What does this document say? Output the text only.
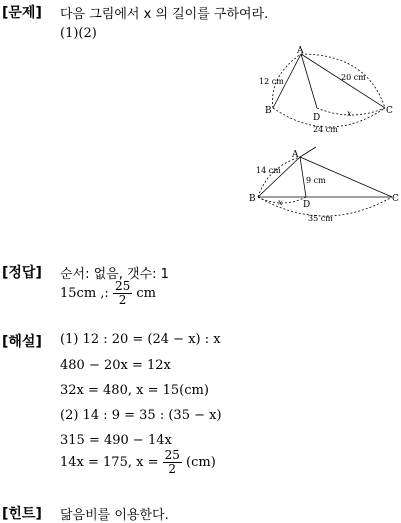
[문제] 다음 그림에서 x 의 길이를 구하여라.
(1)(2)
A
B	C
D
12 cm	20 cm
24 cm
x
A
B	C
D
14 cm
9 cm
35 cm
x
[정답] 순서: 없음, 갯수: 1
15cm ,: $\frac{25}{2}$ cm
[해설] (1) 12 : 20 = (24 − x) : x
480 − 20x = 12x
32x = 480, x = 15(cm)
(2) 14 : 9 = 35 : (35 − x)
315 = 490 − 14x
14x = 175, $x = \frac{25}{2} (cm)$
[힌트] 닮음비를 이용한다.
